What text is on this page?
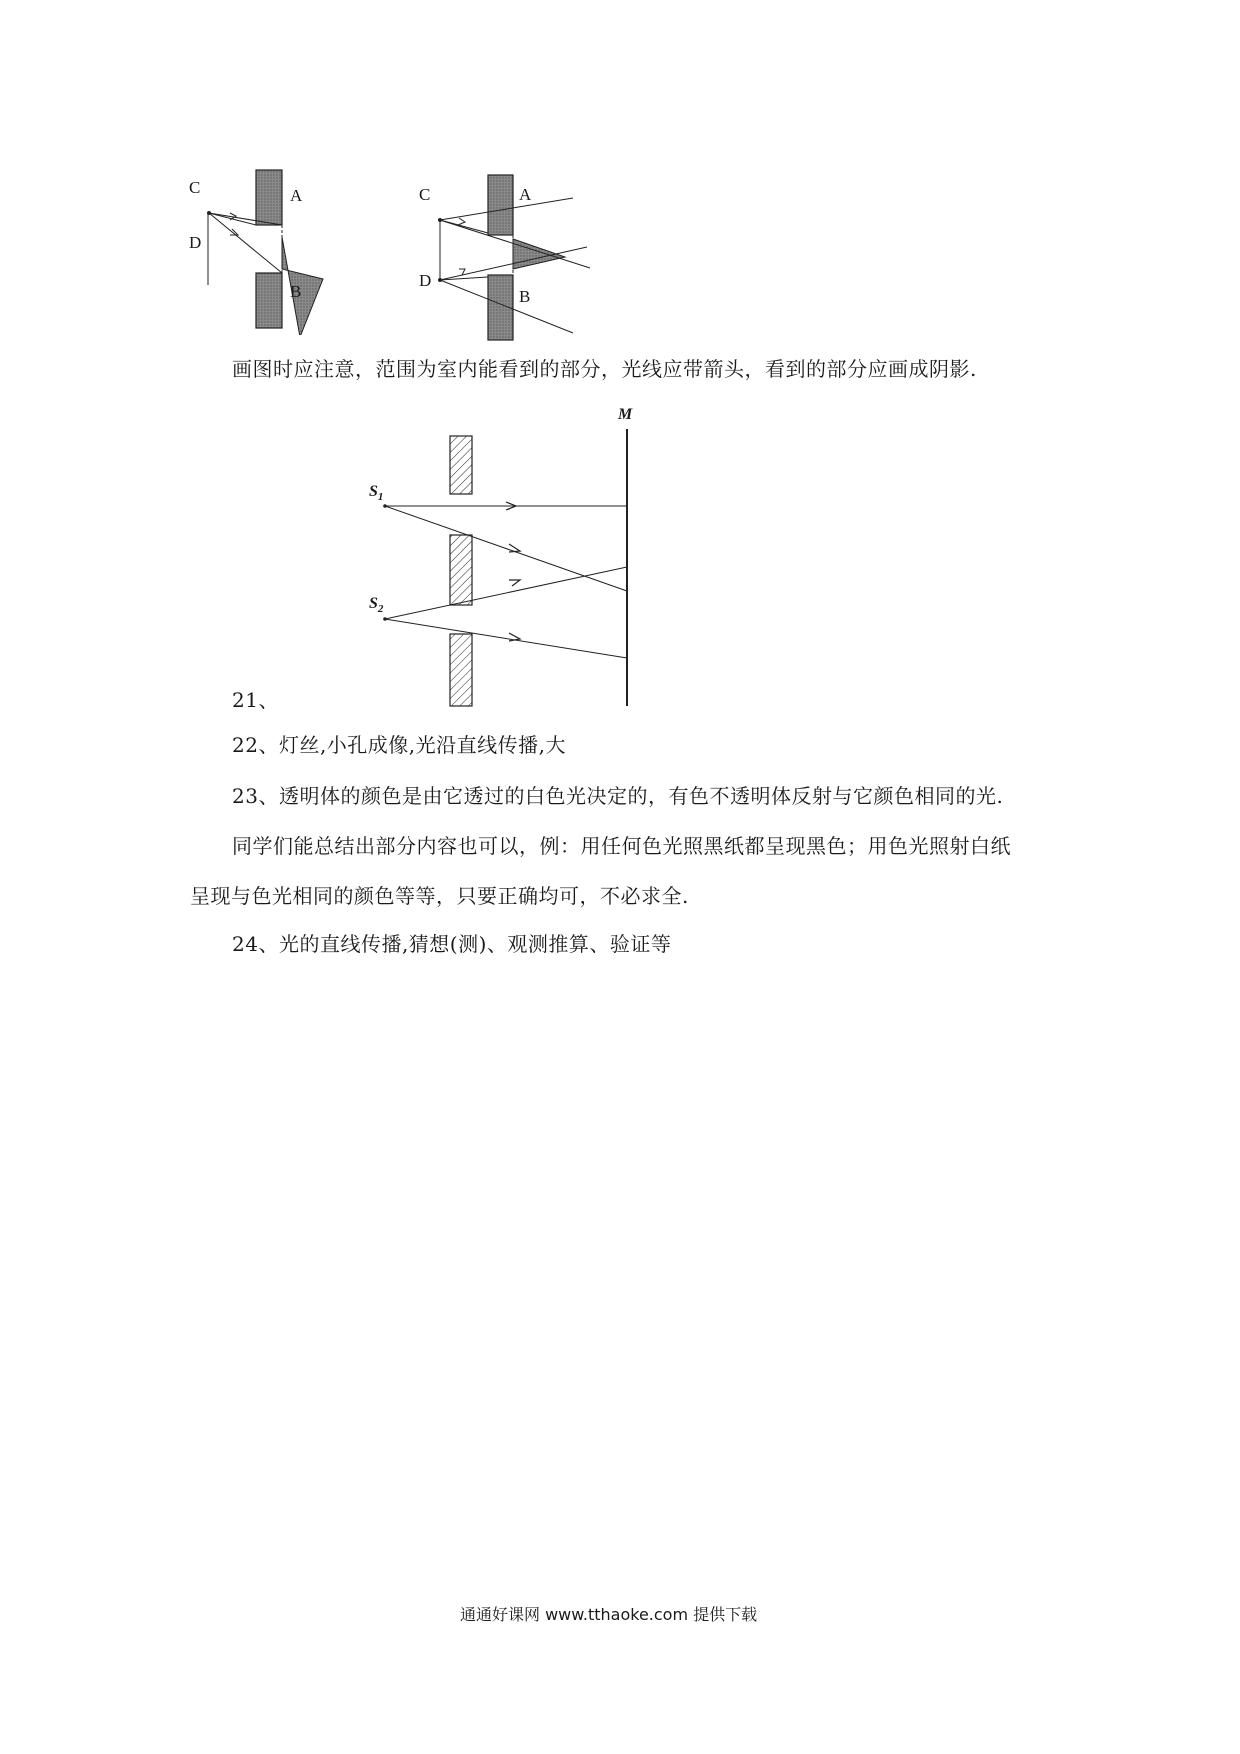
C
D
A
B
C
D
A
B
画图时应注意，范围为室内能看到的部分，光线应带箭头，看到的部分应画成阴影.
$S_1$
$S_2$
M
21、
22、灯丝,小孔成像,光沿直线传播,大
23、透明体的颜色是由它透过的白色光决定的，有色不透明体反射与它颜色相同的光.
同学们能总结出部分内容也可以，例：用任何色光照黑纸都呈现黑色；用色光照射白纸
呈现与色光相同的颜色等等，只要正确均可，不必求全.
24、光的直线传播,猜想(测)、观测推算、验证等
通通好课网 www.tthaoke.com 提供下载
